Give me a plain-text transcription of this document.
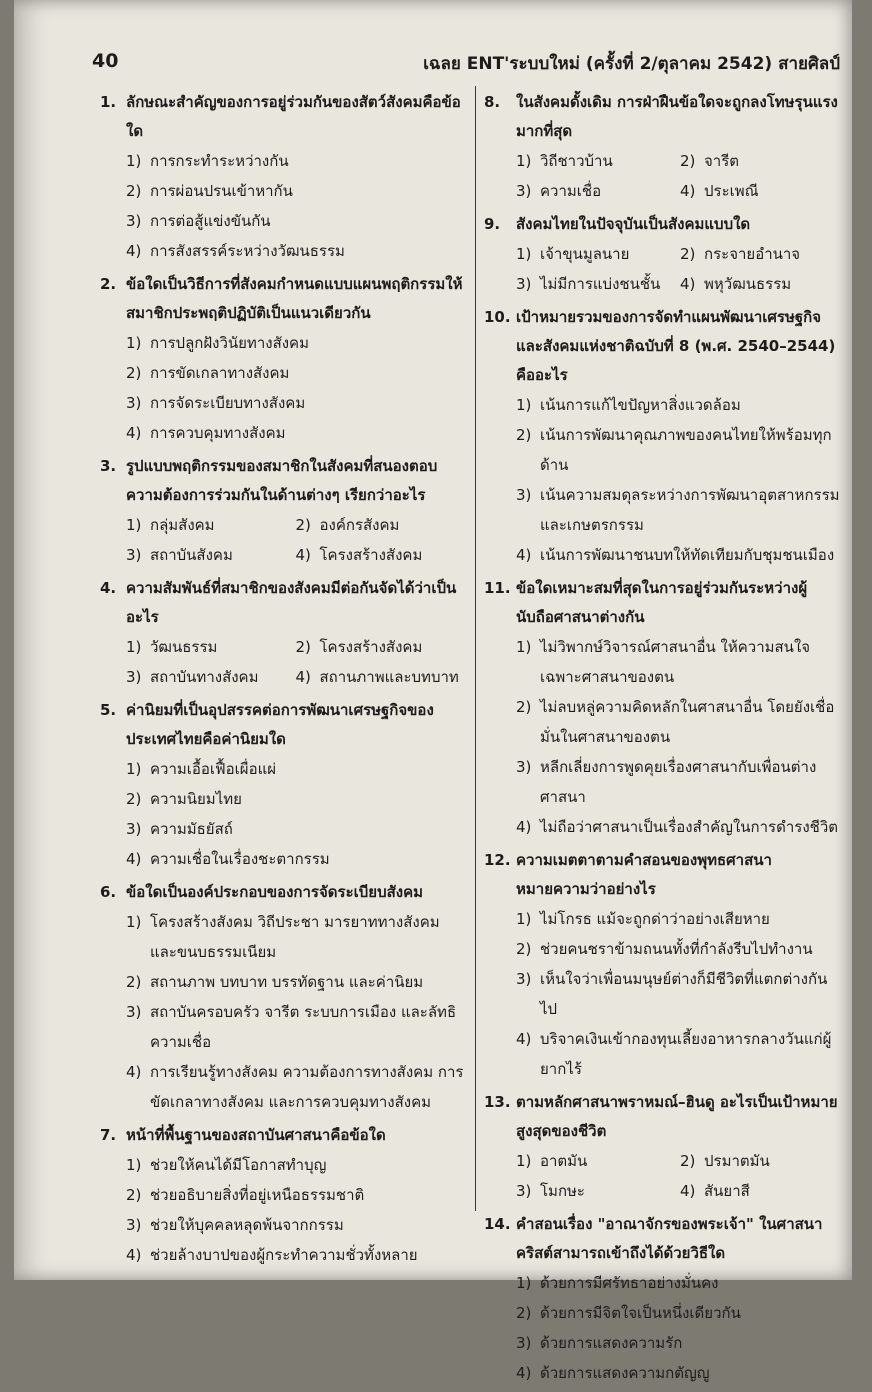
40	เฉลย ENT'ระบบใหม่ (ครั้งที่ 2/ตุลาคม 2542) สายศิลป์
1. ลักษณะสำคัญของการอยู่ร่วมกันของสัตว์สังคมคือข้อใด
1) การกระทำระหว่างกัน
2) การผ่อนปรนเข้าหากัน
3) การต่อสู้แข่งขันกัน
4) การสังสรรค์ระหว่างวัฒนธรรม
2. ข้อใดเป็นวิธีการที่สังคมกำหนดแบบแผนพฤติกรรมให้สมาชิกประพฤติปฏิบัติเป็นแนวเดียวกัน
1) การปลูกฝังวินัยทางสังคม
2) การขัดเกลาทางสังคม
3) การจัดระเบียบทางสังคม
4) การควบคุมทางสังคม
3. รูปแบบพฤติกรรมของสมาชิกในสังคมที่สนองตอบความต้องการร่วมกันในด้านต่างๆ เรียกว่าอะไร
1) กลุ่มสังคม	2) องค์กรสังคม
3) สถาบันสังคม	4) โครงสร้างสังคม
4. ความสัมพันธ์ที่สมาชิกของสังคมมีต่อกันจัดได้ว่าเป็นอะไร
1) วัฒนธรรม	2) โครงสร้างสังคม
3) สถาบันทางสังคม	4) สถานภาพและบทบาท
5. ค่านิยมที่เป็นอุปสรรคต่อการพัฒนาเศรษฐกิจของประเทศไทยคือค่านิยมใด
1) ความเอื้อเฟื้อเผื่อแผ่
2) ความนิยมไทย
3) ความมัธยัสถ์
4) ความเชื่อในเรื่องชะตากรรม
6. ข้อใดเป็นองค์ประกอบของการจัดระเบียบสังคม
1) โครงสร้างสังคม วิถีประชา มารยาททางสังคม และขนบธรรมเนียม
2) สถานภาพ บทบาท บรรทัดฐาน และค่านิยม
3) สถาบันครอบครัว จารีต ระบบการเมือง และลัทธิความเชื่อ
4) การเรียนรู้ทางสังคม ความต้องการทางสังคม การขัดเกลาทางสังคม และการควบคุมทางสังคม
7. หน้าที่พื้นฐานของสถาบันศาสนาคือข้อใด
1) ช่วยให้คนได้มีโอกาสทำบุญ
2) ช่วยอธิบายสิ่งที่อยู่เหนือธรรมชาติ
3) ช่วยให้บุคคลหลุดพ้นจากกรรม
4) ช่วยล้างบาปของผู้กระทำความชั่วทั้งหลาย
8.	ในสังคมดั้งเดิม การฝ่าฝืนข้อใดจะถูกลงโทษรุนแรงมากที่สุด
1) วิถีชาวบ้าน	2) จารีต
3) ความเชื่อ	4) ประเพณี
9.	สังคมไทยในปัจจุบันเป็นสังคมแบบใด
1) เจ้าขุนมูลนาย	2) กระจายอำนาจ
3) ไม่มีการแบ่งชนชั้น	4) พหุวัฒนธรรม
10. เป้าหมายรวมของการจัดทำแผนพัฒนาเศรษฐกิจและสังคมแห่งชาติฉบับที่ 8 (พ.ศ. 2540–2544) คืออะไร
1) เน้นการแก้ไขปัญหาสิ่งแวดล้อม
2) เน้นการพัฒนาคุณภาพของคนไทยให้พร้อมทุกด้าน
3) เน้นความสมดุลระหว่างการพัฒนาอุตสาหกรรมและเกษตรกรรม
4) เน้นการพัฒนาชนบทให้ทัดเทียมกับชุมชนเมือง
11. ข้อใดเหมาะสมที่สุดในการอยู่ร่วมกันระหว่างผู้นับถือศาสนาต่างกัน
1) ไม่วิพากษ์วิจารณ์ศาสนาอื่น ให้ความสนใจเฉพาะศาสนาของตน
2) ไม่ลบหลู่ความคิดหลักในศาสนาอื่น โดยยังเชื่อมั่นในศาสนาของตน
3) หลีกเลี่ยงการพูดคุยเรื่องศาสนากับเพื่อนต่างศาสนา
4) ไม่ถือว่าศาสนาเป็นเรื่องสำคัญในการดำรงชีวิต
12. ความเมตตาตามคำสอนของพุทธศาสนาหมายความว่าอย่างไร
1) ไม่โกรธ แม้จะถูกด่าว่าอย่างเสียหาย
2) ช่วยคนชราข้ามถนนทั้งที่กำลังรีบไปทำงาน
3) เห็นใจว่าเพื่อนมนุษย์ต่างก็มีชีวิตที่แตกต่างกันไป
4) บริจาคเงินเข้ากองทุนเลี้ยงอาหารกลางวันแก่ผู้ยากไร้
13. ตามหลักศาสนาพราหมณ์–ฮินดู อะไรเป็นเป้าหมายสูงสุดของชีวิต
1) อาตมัน	2) ปรมาตมัน
3) โมกษะ	4) สันยาสี
14. คำสอนเรื่อง "อาณาจักรของพระเจ้า" ในศาสนาคริสต์สามารถเข้าถึงได้ด้วยวิธีใด
1) ด้วยการมีศรัทธาอย่างมั่นคง
2) ด้วยการมีจิตใจเป็นหนึ่งเดียวกัน
3) ด้วยการแสดงความรัก
4) ด้วยการแสดงความกตัญญู
